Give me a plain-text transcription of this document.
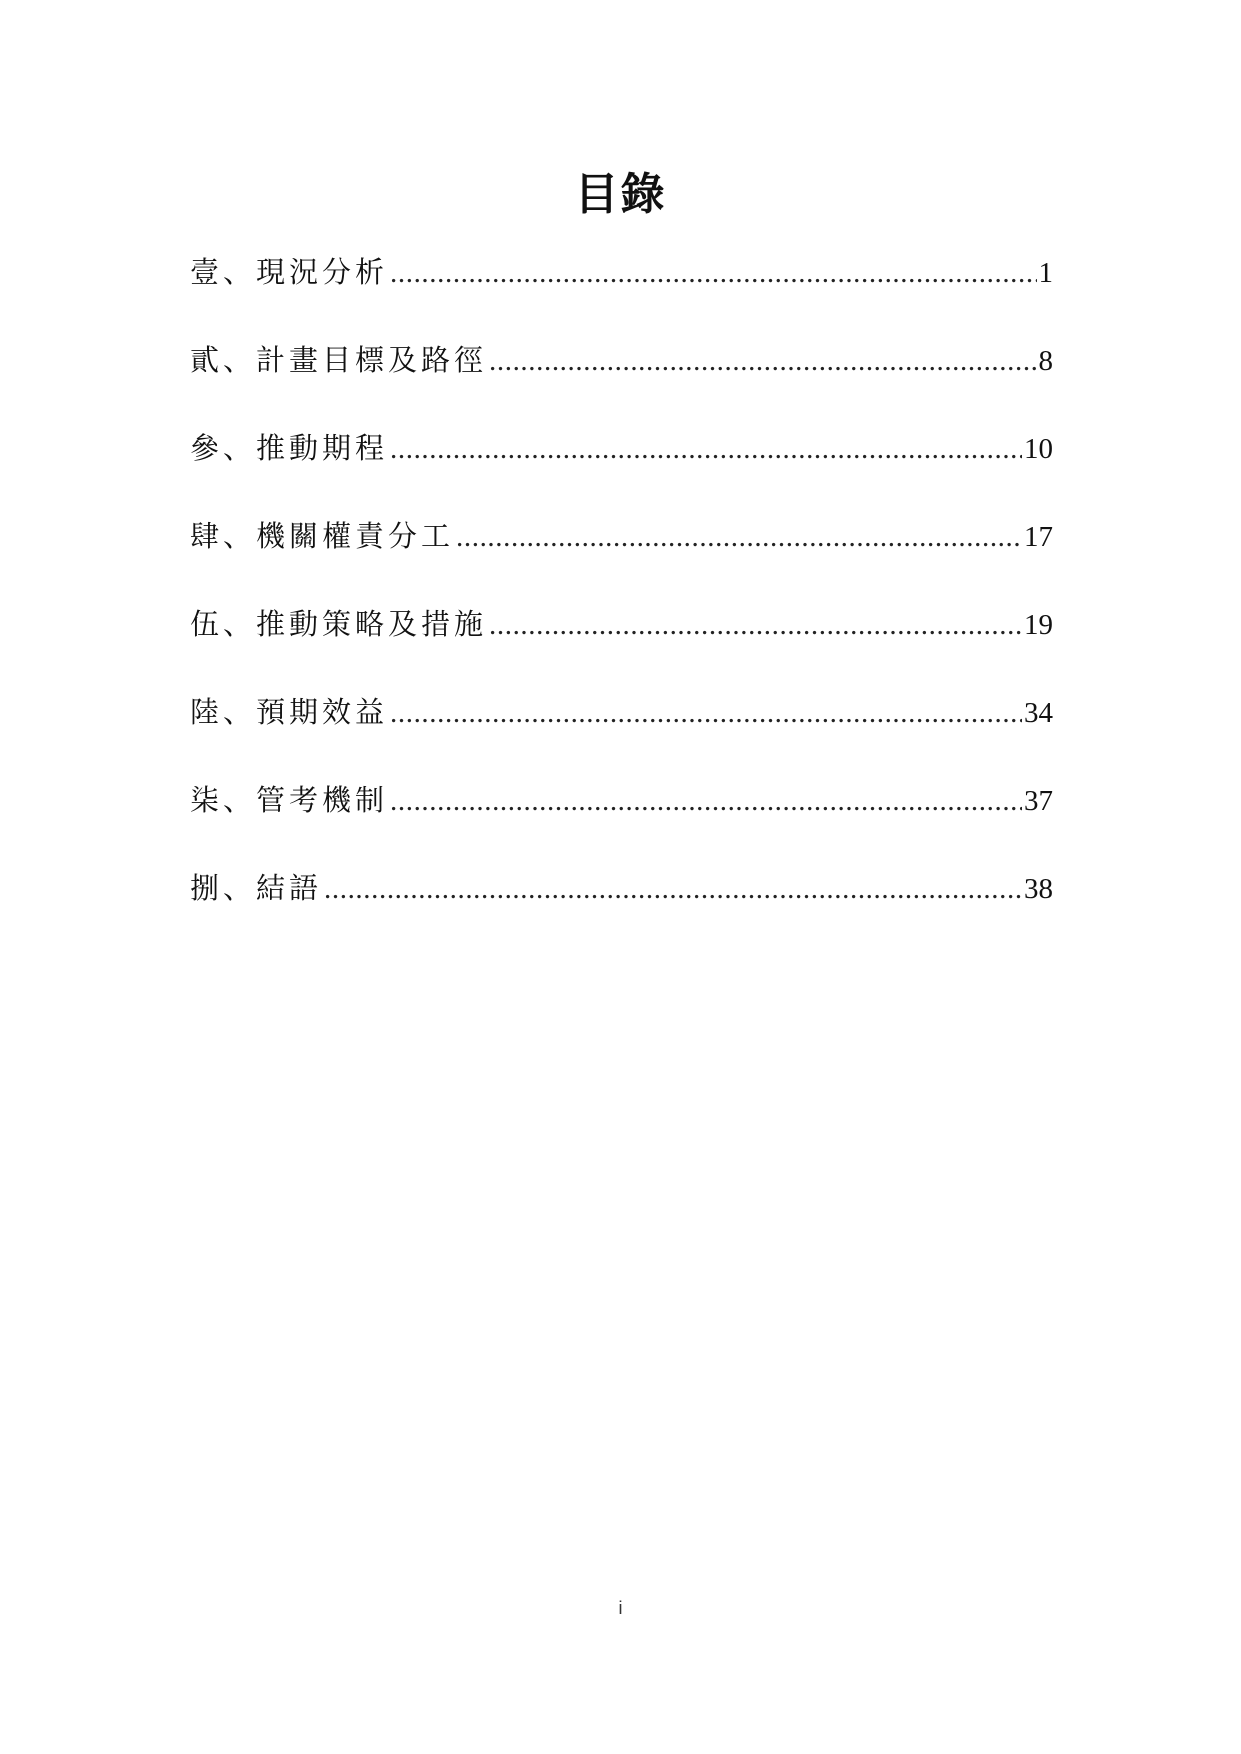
目錄
壹、現況分析 .....	1
貳、計畫目標及路徑 .....	8
參、推動期程 .....	10
肆、機關權責分工 .....	17
伍、推動策略及措施 .....	19
陸、預期效益 .....	34
柒、管考機制 .....	37
捌、結語 .....	38
i
